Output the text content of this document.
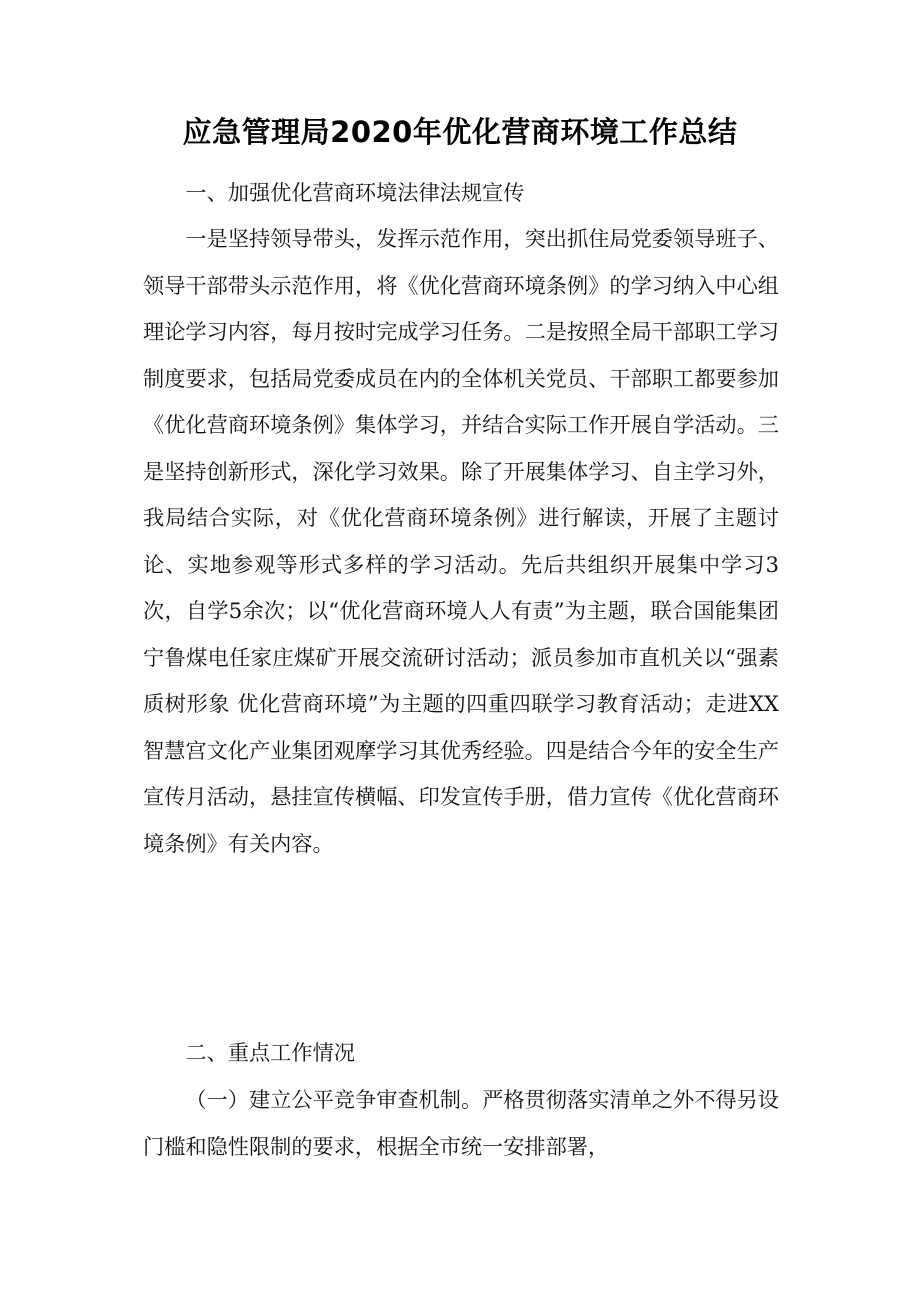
应急管理局2020年优化营商环境工作总结

一、加强优化营商环境法律法规宣传

一是坚持领导带头，发挥示范作用，突出抓住局党委领导班子、领导干部带头示范作用，将《优化营商环境条例》的学习纳入中心组理论学习内容，每月按时完成学习任务。二是按照全局干部职工学习制度要求，包括局党委成员在内的全体机关党员、干部职工都要参加《优化营商环境条例》集体学习，并结合实际工作开展自学活动。三是坚持创新形式，深化学习效果。除了开展集体学习、自主学习外，我局结合实际，对《优化营商环境条例》进行解读，开展了主题讨论、实地参观等形式多样的学习活动。先后共组织开展集中学习3次，自学5余次；以“优化营商环境人人有责”为主题，联合国能集团宁鲁煤电任家庄煤矿开展交流研讨活动；派员参加市直机关以“强素质树形象 优化营商环境”为主题的四重四联学习教育活动；走进XX智慧宫文化产业集团观摩学习其优秀经验。四是结合今年的安全生产宣传月活动，悬挂宣传横幅、印发宣传手册，借力宣传《优化营商环境条例》有关内容。

二、重点工作情况

（一）建立公平竞争审查机制。严格贯彻落实清单之外不得另设门槛和隐性限制的要求，根据全市统一安排部署，
